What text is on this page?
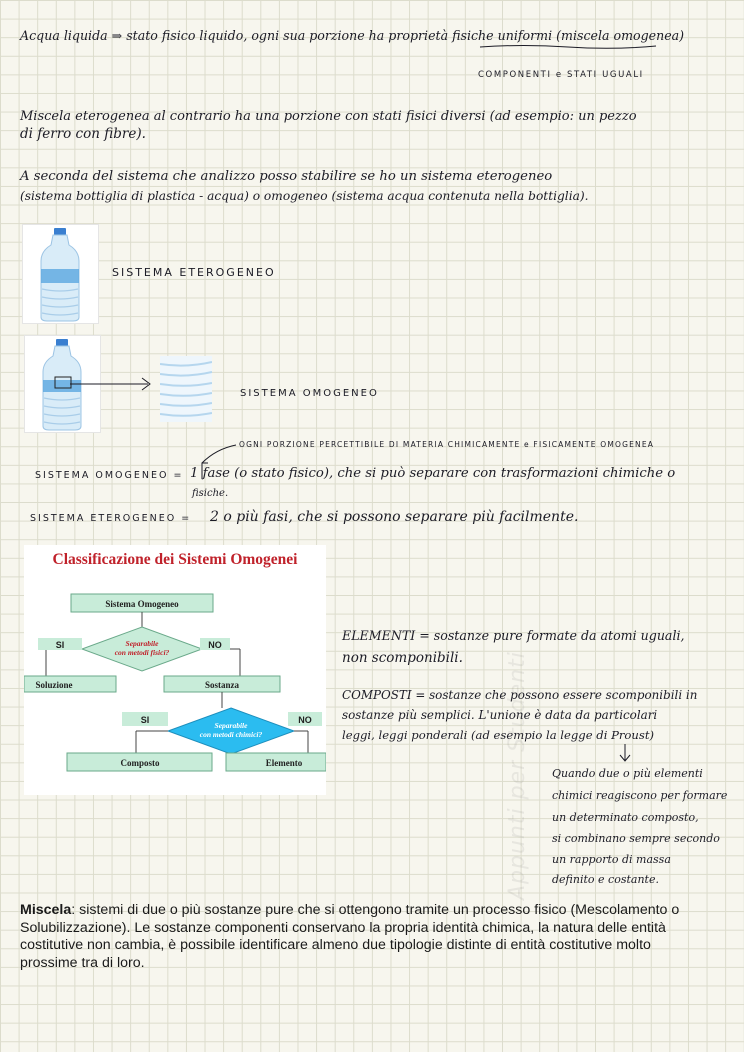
Acqua liquida ⇒ stato fisico liquido, ogni sua porzione ha proprietà fisiche uniformi (miscela omogenea)
COMPONENTI e STATI UGUALI
Miscela eterogenea al contrario ha una porzione con stati fisici diversi (ad esempio: un pezzo
di ferro con fibre).
A seconda del sistema che analizzo posso stabilire se ho un sistema eterogeneo
(sistema bottiglia di plastica - acqua) o omogeneo (sistema acqua contenuta nella bottiglia).
SISTEMA ETEROGENEO
SISTEMA OMOGENEO
OGNI PORZIONE PERCETTIBILE DI MATERIA CHIMICAMENTE e FISICAMENTE OMOGENEA
SISTEMA OMOGENEO = 1 fase (o stato fisico), che si può separare con trasformazioni chimiche o
fisiche.
SISTEMA ETEROGENEO = 2 o più fasi, che si possono separare più facilmente.
Classificazione dei Sistemi Omogenei
Sistema Omogeneo
Separabile
con metodi fisici?
SI	NO
Soluzione	Sostanza
Separabile
con metodi chimici?
SI	NO
Composto	Elemento
ELEMENTI = sostanze pure formate da atomi uguali,
non scomponibili.
COMPOSTI = sostanze che possono essere scomponibili in
sostanze più semplici. L'unione è data da particolari
leggi, leggi ponderali (ad esempio la legge di Proust)
Quando due o più elementi
chimici reagiscono per formare
un determinato composto,
si combinano sempre secondo
un rapporto di massa
definito e costante.
Appunti per Studenti
Miscela: sistemi di due o più sostanze pure che si ottengono tramite un processo fisico (Mescolamento o Solubilizzazione). Le sostanze componenti conservano la propria identità chimica, la natura delle entità costitutive non cambia, è possibile identificare almeno due tipologie distinte di entità costitutive molto prossime tra di loro.
